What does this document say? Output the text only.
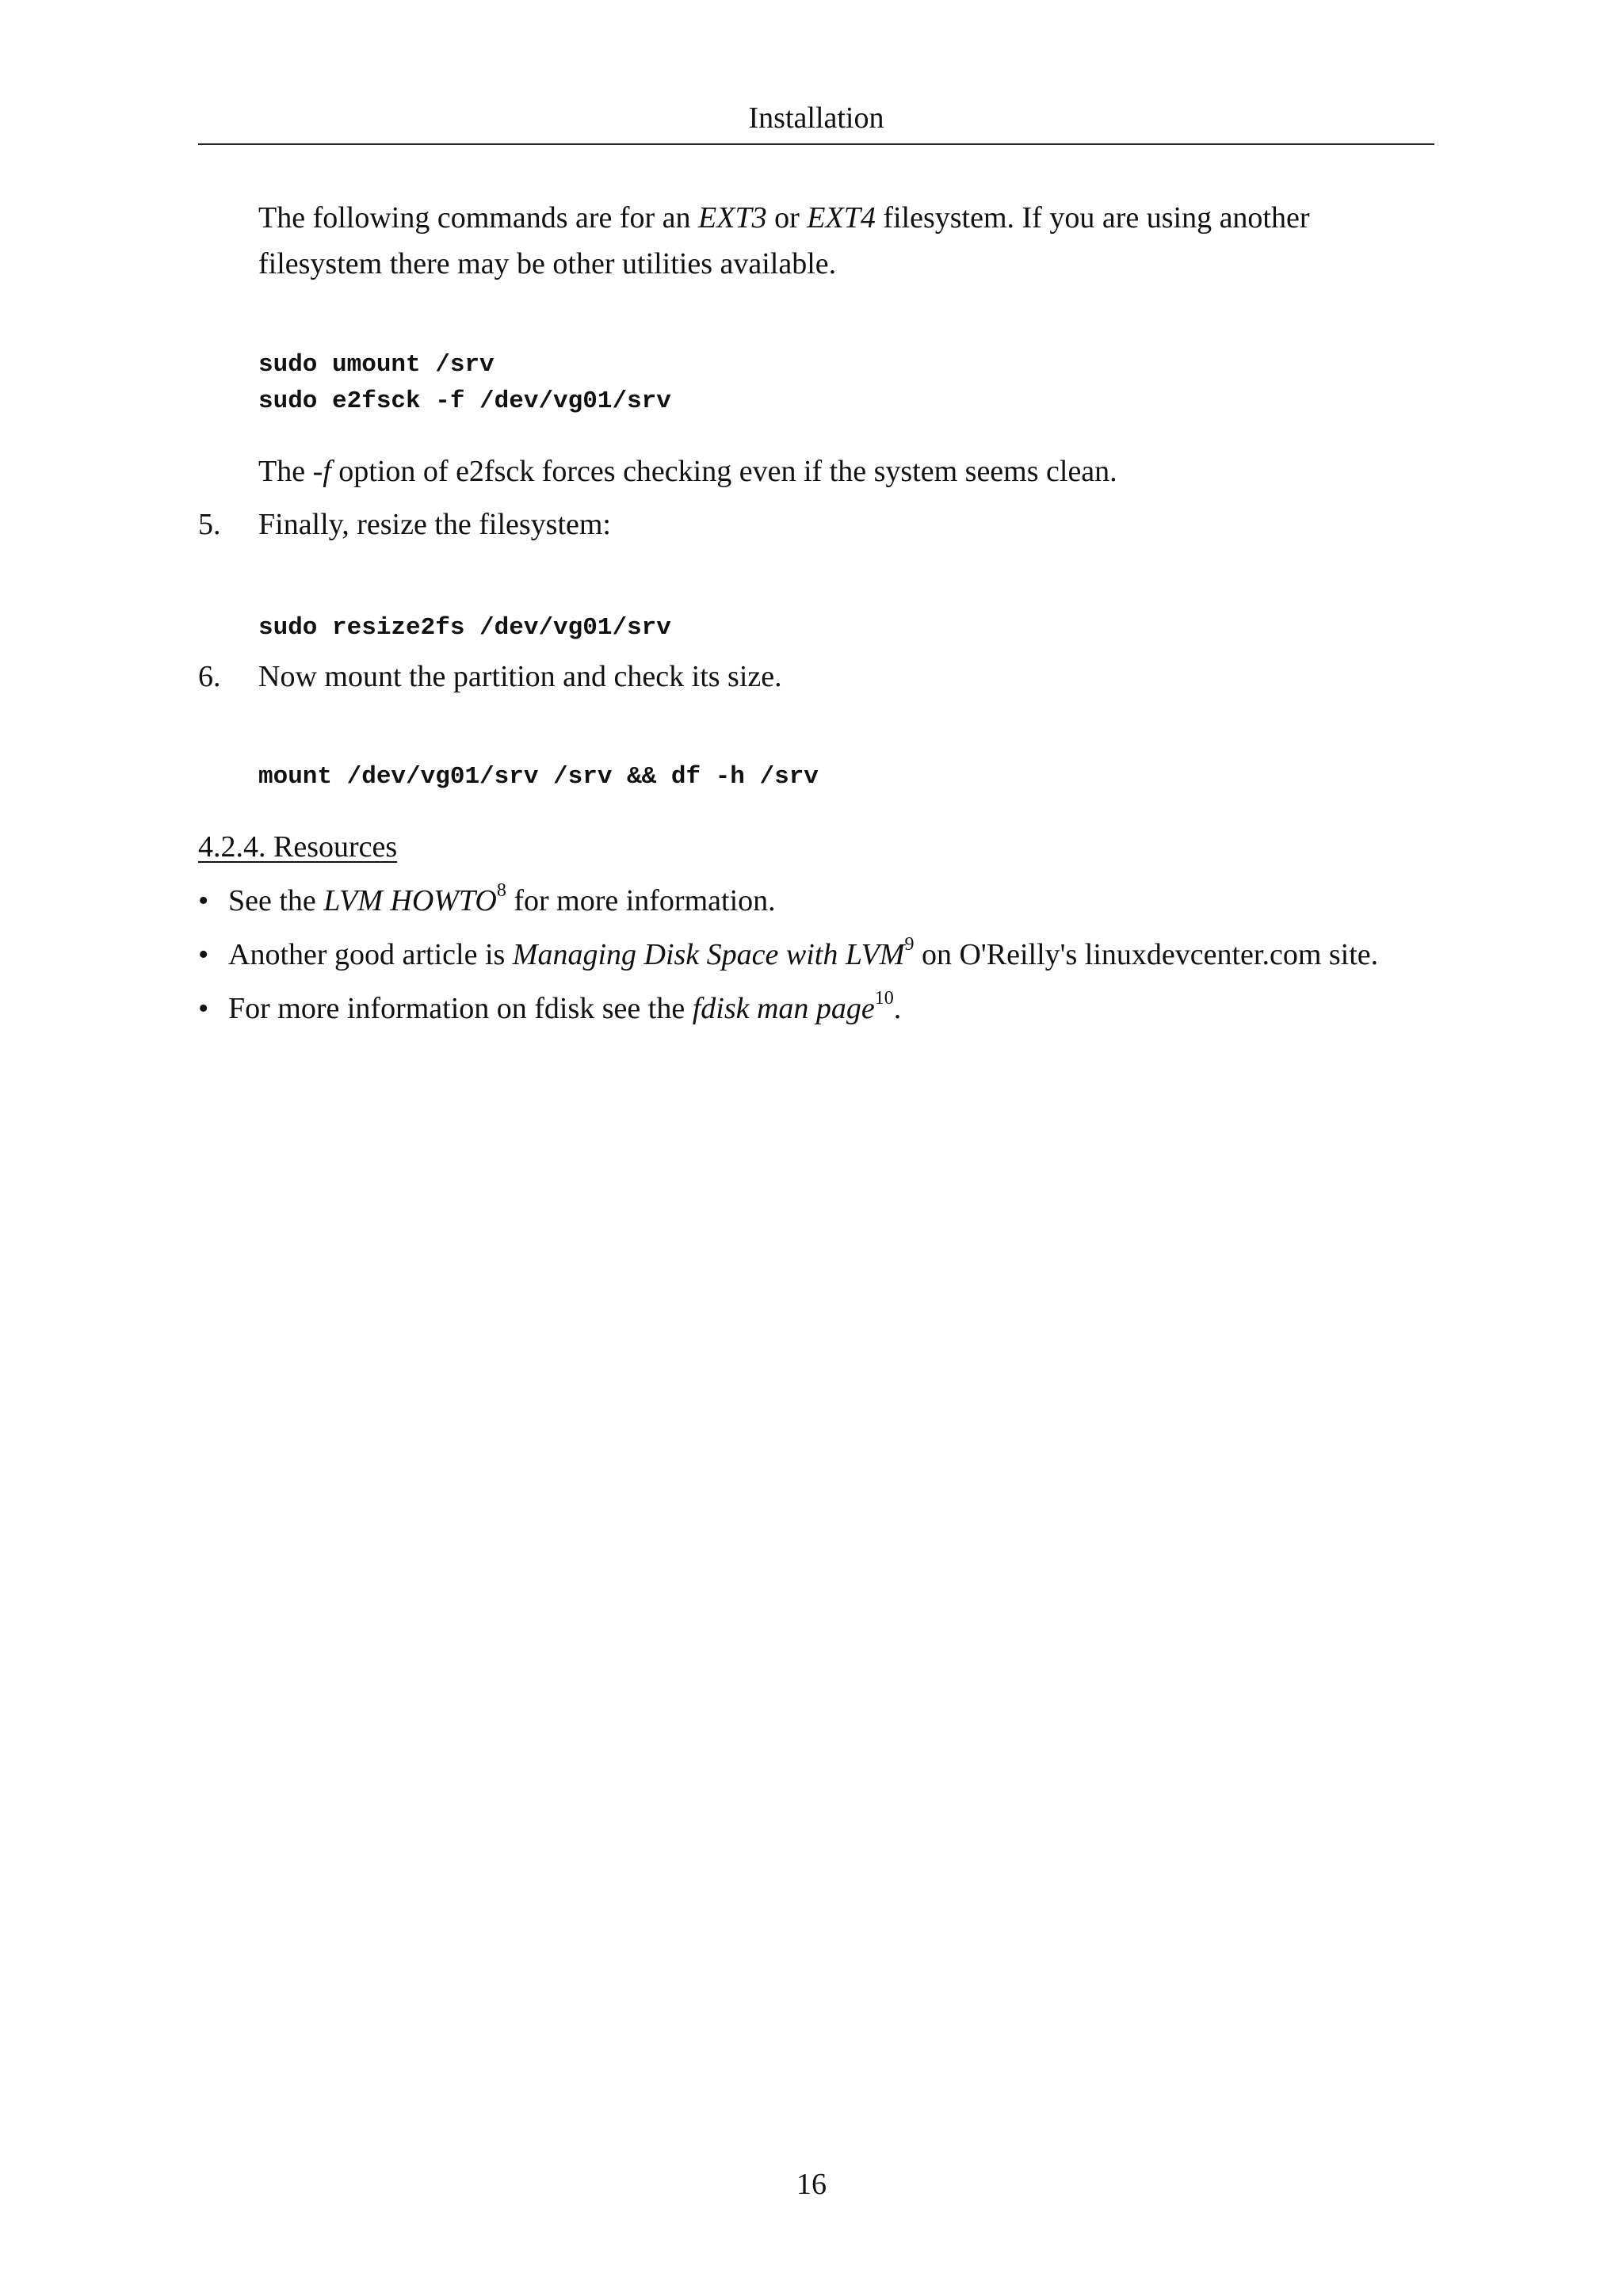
Installation
The following commands are for an EXT3 or EXT4 filesystem. If you are using another
filesystem there may be other utilities available.
sudo umount /srv
sudo e2fsck -f /dev/vg01/srv
The -f option of e2fsck forces checking even if the system seems clean.
5. Finally, resize the filesystem:
sudo resize2fs /dev/vg01/srv
6. Now mount the partition and check its size.
mount /dev/vg01/srv /srv && df -h /srv
4.2.4. Resources
• See the LVM HOWTO$^8$ for more information.
• Another good article is Managing Disk Space with LVM$^9$ on O'Reilly's linuxdevcenter.com site.
• For more information on fdisk see the fdisk man page$^{10}$.
16
